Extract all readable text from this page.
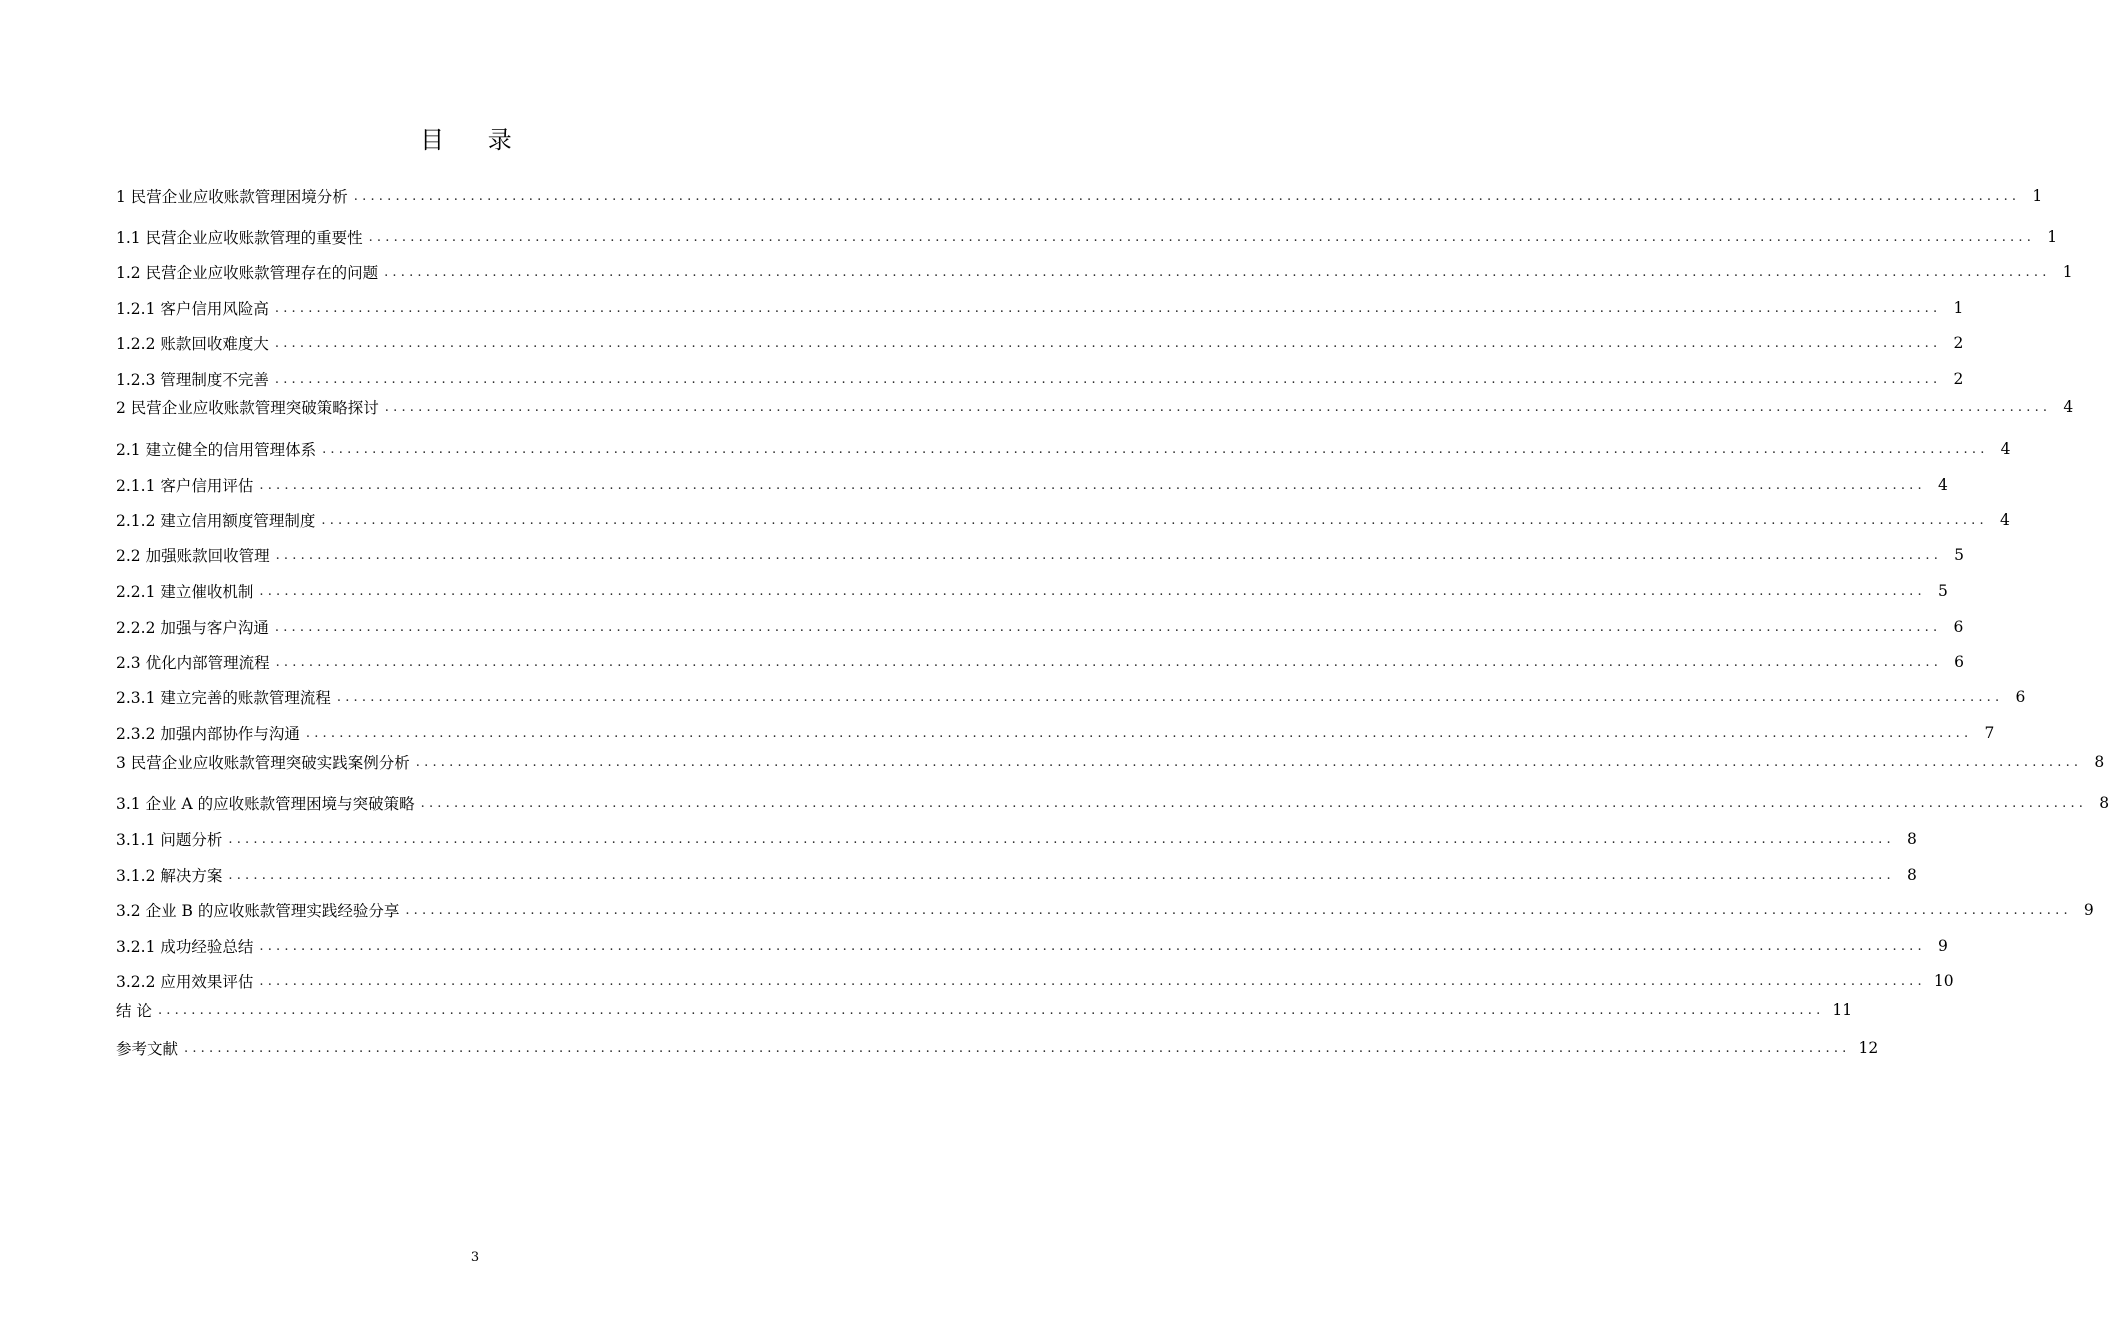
目 录
1 民营企业应收账款管理困境分析 ........................................................................................................................................................................................................ 1
1.1 民营企业应收账款管理的重要性 ........................................................................................................................................................................................................ 1
1.2 民营企业应收账款管理存在的问题 ........................................................................................................................................................................................................ 1
1.2.1 客户信用风险高 ........................................................................................................................................................................................................ 1
1.2.2 账款回收难度大 ........................................................................................................................................................................................................ 2
1.2.3 管理制度不完善 ........................................................................................................................................................................................................ 2
2 民营企业应收账款管理突破策略探讨 ........................................................................................................................................................................................................ 4
2.1 建立健全的信用管理体系 ........................................................................................................................................................................................................ 4
2.1.1 客户信用评估 ........................................................................................................................................................................................................ 4
2.1.2 建立信用额度管理制度 ........................................................................................................................................................................................................ 4
2.2 加强账款回收管理 ........................................................................................................................................................................................................ 5
2.2.1 建立催收机制 ........................................................................................................................................................................................................ 5
2.2.2 加强与客户沟通 ........................................................................................................................................................................................................ 6
2.3 优化内部管理流程 ........................................................................................................................................................................................................ 6
2.3.1 建立完善的账款管理流程 ........................................................................................................................................................................................................ 6
2.3.2 加强内部协作与沟通 ........................................................................................................................................................................................................ 7
3 民营企业应收账款管理突破实践案例分析 ........................................................................................................................................................................................................ 8
3.1 企业 A 的应收账款管理困境与突破策略 ........................................................................................................................................................................................................ 8
3.1.1 问题分析 ........................................................................................................................................................................................................ 8
3.1.2 解决方案 ........................................................................................................................................................................................................ 8
3.2 企业 B 的应收账款管理实践经验分享 ........................................................................................................................................................................................................ 9
3.2.1 成功经验总结 ........................................................................................................................................................................................................ 9
3.2.2 应用效果评估 ........................................................................................................................................................................................................ 10
结 论 ........................................................................................................................................................................................................ 11
参考文献 ........................................................................................................................................................................................................ 12
3
